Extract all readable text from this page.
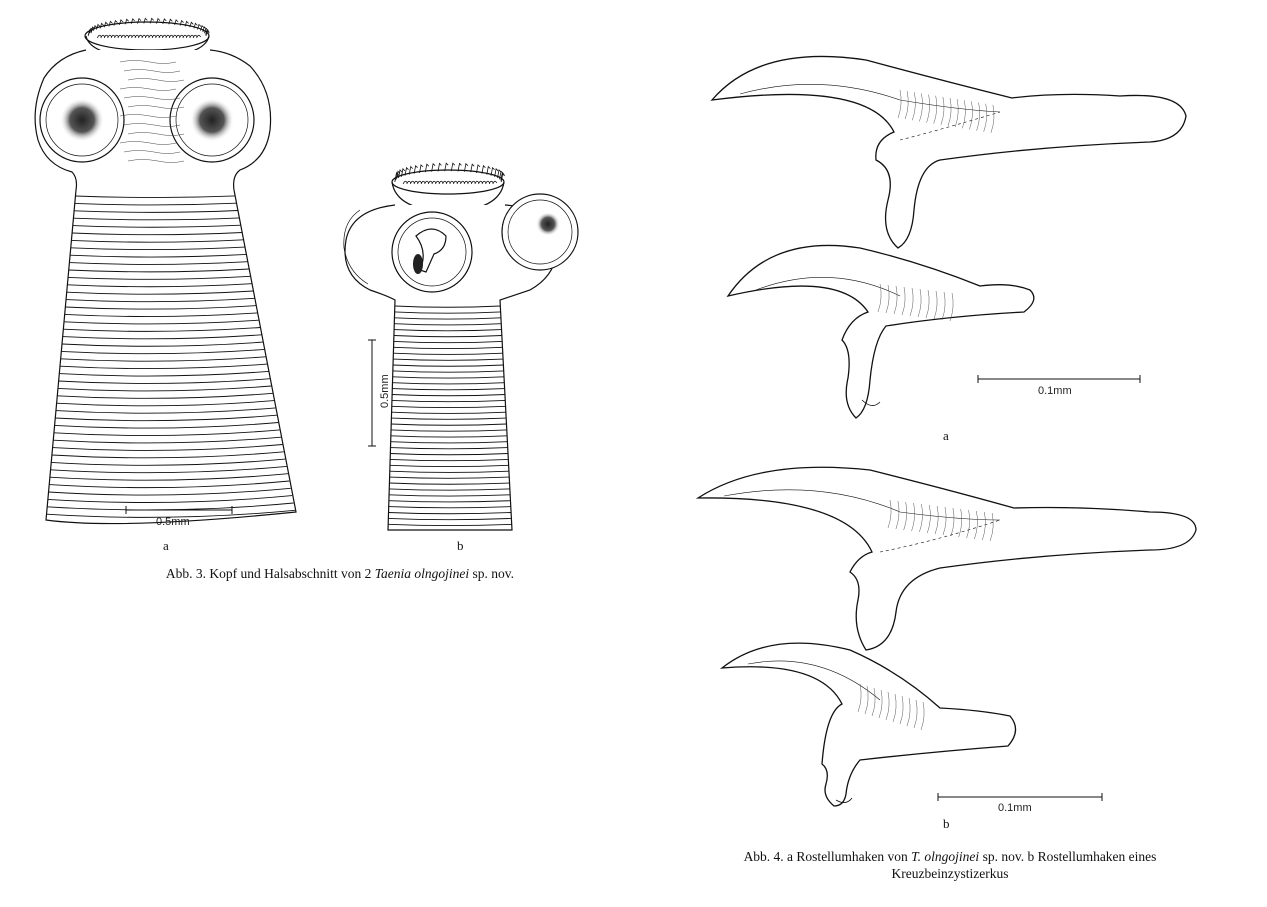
0.5mm
0.5mm	0.1mm
0.1mm
a	b
a
b
Abb. 3. Kopf und Halsabschnitt von 2 Taenia olngojinei sp. nov.
Abb. 4. a Rostellumhaken von T. olngojinei sp. nov. b Rostellumhaken eines
Kreuzbeinzystizerkus
